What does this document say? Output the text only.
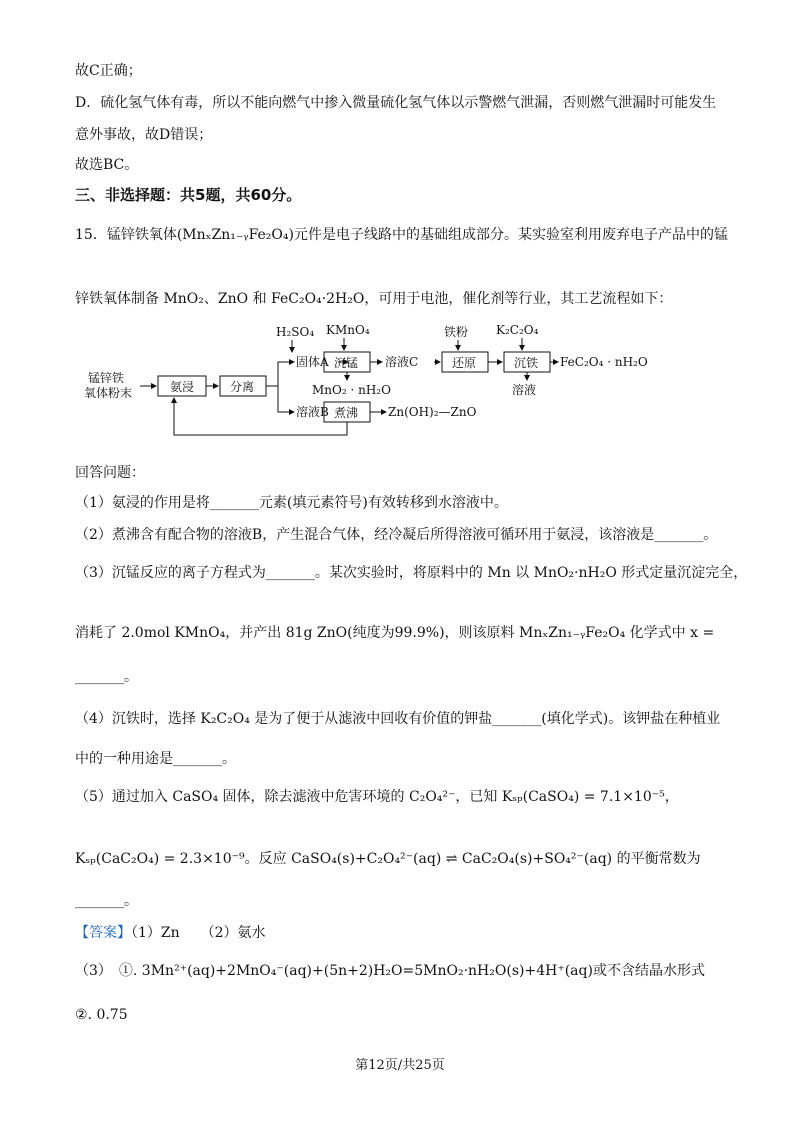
故C正确；
D．硫化氢气体有毒，所以不能向燃气中掺入微量硫化氢气体以示警燃气泄漏，否则燃气泄漏时可能发生
意外事故，故D错误；
故选BC。
三、非选择题：共5题，共60分。
15．锰锌铁氧体(MnₓZn₁₋ᵧFe₂O₄)元件是电子线路中的基础组成部分。某实验室利用废弃电子产品中的锰
锌铁氧体制备 MnO₂、ZnO 和 FeC₂O₄·2H₂O，可用于电池，催化剂等行业，其工艺流程如下：
锰锌铁
氧体粉末	氨浸	分离
固体A
溶液B
H₂SO₄ KMnO₄
沉锰
MnO₂ · nH₂O
溶液C
铁粉
还原
K₂C₂O₄
沉铁 FeC₂O₄ · nH₂O
溶液
煮沸 Zn(OH)₂—ZnO
回答问题：
（1）氨浸的作用是将_______元素(填元素符号)有效转移到水溶液中。
（2）煮沸含有配合物的溶液B，产生混合气体，经冷凝后所得溶液可循环用于氨浸，该溶液是_______。
（3）沉锰反应的离子方程式为_______。某次实验时，将原料中的 Mn 以 MnO₂·nH₂O 形式定量沉淀完全，
消耗了 2.0mol KMnO₄，并产出 81g ZnO(纯度为99.9%)，则该原料 MnₓZn₁₋ᵧFe₂O₄ 化学式中 x =
_______。
（4）沉铁时，选择 K₂C₂O₄ 是为了便于从滤液中回收有价值的钾盐_______(填化学式)。该钾盐在种植业
中的一种用途是_______。
（5）通过加入 CaSO₄ 固体，除去滤液中危害环境的 C₂O₄²⁻，已知 Kₛₚ(CaSO₄) = 7.1×10⁻⁵，
Kₛₚ(CaC₂O₄) = 2.3×10⁻⁹。反应 CaSO₄(s)+C₂O₄²⁻(aq) ⇌ CaC₂O₄(s)+SO₄²⁻(aq) 的平衡常数为
_______。
【答案】（1）Zn　　（2）氨水
（3）　①. 3Mn²⁺(aq)+2MnO₄⁻(aq)+(5n+2)H₂O=5MnO₂·nH₂O(s)+4H⁺(aq)或不含结晶水形式
②. 0.75
第12页/共25页
